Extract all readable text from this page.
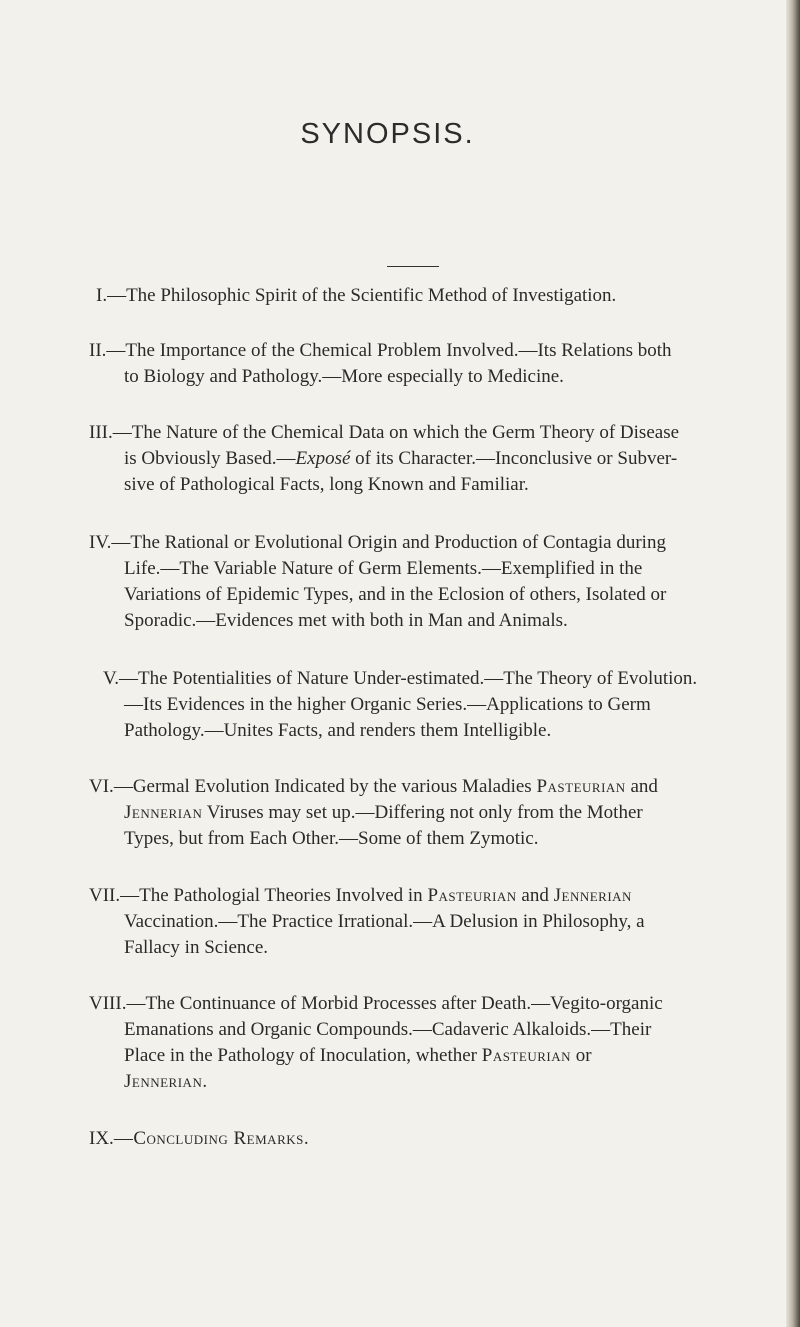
SYNOPSIS.
I.—The Philosophic Spirit of the Scientific Method of Investigation.
II.—The Importance of the Chemical Problem Involved.—Its Relations both
to Biology and Pathology.—More especially to Medicine.
III.—The Nature of the Chemical Data on which the Germ Theory of Disease
is Obviously Based.—Exposé of its Character.—Inconclusive or Subver-
sive of Pathological Facts, long Known and Familiar.
IV.—The Rational or Evolutional Origin and Production of Contagia during
Life.—The Variable Nature of Germ Elements.—Exemplified in the
Variations of Epidemic Types, and in the Eclosion of others, Isolated or
Sporadic.—Evidences met with both in Man and Animals.
V.—The Potentialities of Nature Under-estimated.—The Theory of Evolution.
—Its Evidences in the higher Organic Series.—Applications to Germ
Pathology.—Unites Facts, and renders them Intelligible.
VI.—Germal Evolution Indicated by the various Maladies Pasteurian and
Jennerian Viruses may set up.—Differing not only from the Mother
Types, but from Each Other.—Some of them Zymotic.
VII.—The Pathologial Theories Involved in Pasteurian and Jennerian
Vaccination.—The Practice Irrational.—A Delusion in Philosophy, a
Fallacy in Science.
VIII.—The Continuance of Morbid Processes after Death.—Vegito-organic
Emanations and Organic Compounds.—Cadaveric Alkaloids.—Their
Place in the Pathology of Inoculation, whether Pasteurian or
Jennerian.
IX.—Concluding Remarks.
